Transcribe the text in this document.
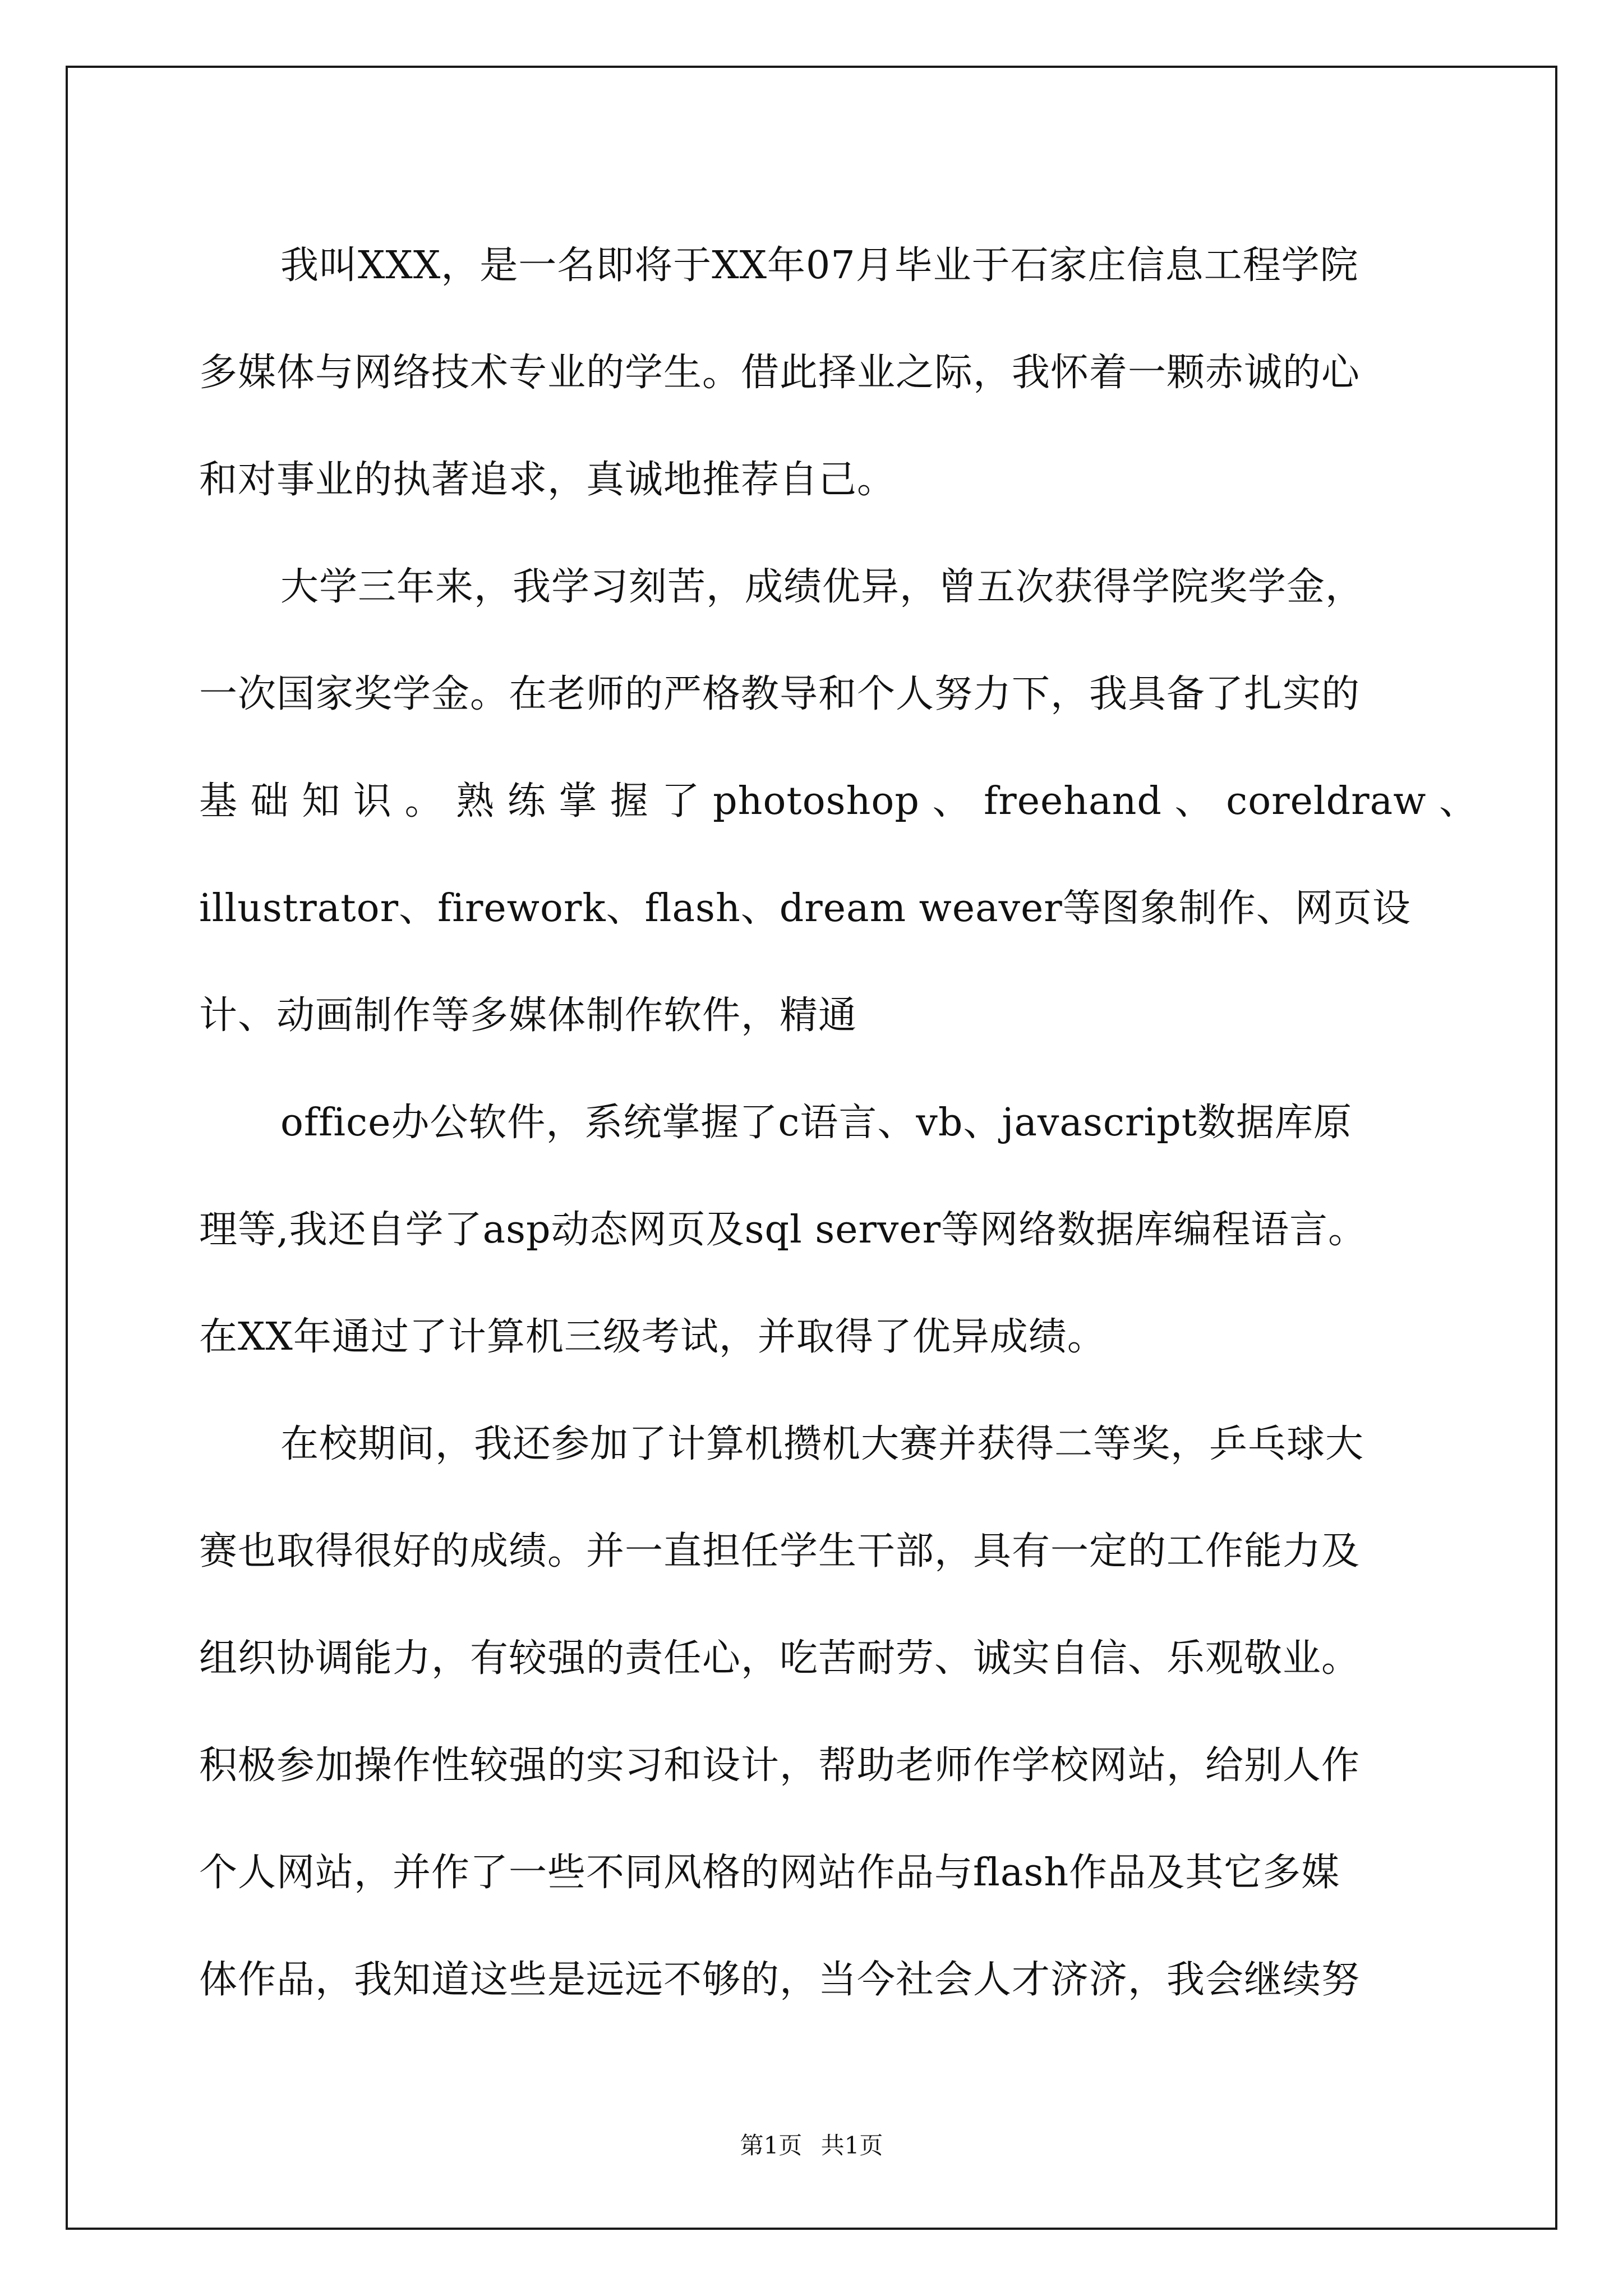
我叫XXX，是一名即将于XX年07月毕业于石家庄信息工程学院
多媒体与网络技术专业的学生。借此择业之际，我怀着一颗赤诚的心
和对事业的执著追求，真诚地推荐自己。
大学三年来，我学习刻苦，成绩优异，曾五次获得学院奖学金，
一次国家奖学金。在老师的严格教导和个人努力下，我具备了扎实的
基 础 知 识 。 熟 练 掌 握 了 photoshop 、 freehand 、 coreldraw 、
illustrator、firework、flash、dream weaver等图象制作、网页设
计、动画制作等多媒体制作软件，精通
office办公软件，系统掌握了c语言、vb、javascript数据库原
理等,我还自学了asp动态网页及sql server等网络数据库编程语言。
在XX年通过了计算机三级考试，并取得了优异成绩。
在校期间，我还参加了计算机攒机大赛并获得二等奖，乒乓球大
赛也取得很好的成绩。并一直担任学生干部，具有一定的工作能力及
组织协调能力，有较强的责任心，吃苦耐劳、诚实自信、乐观敬业。
积极参加操作性较强的实习和设计，帮助老师作学校网站，给别人作
个人网站，并作了一些不同风格的网站作品与flash作品及其它多媒
体作品，我知道这些是远远不够的，当今社会人才济济，我会继续努
第1页 共1页
